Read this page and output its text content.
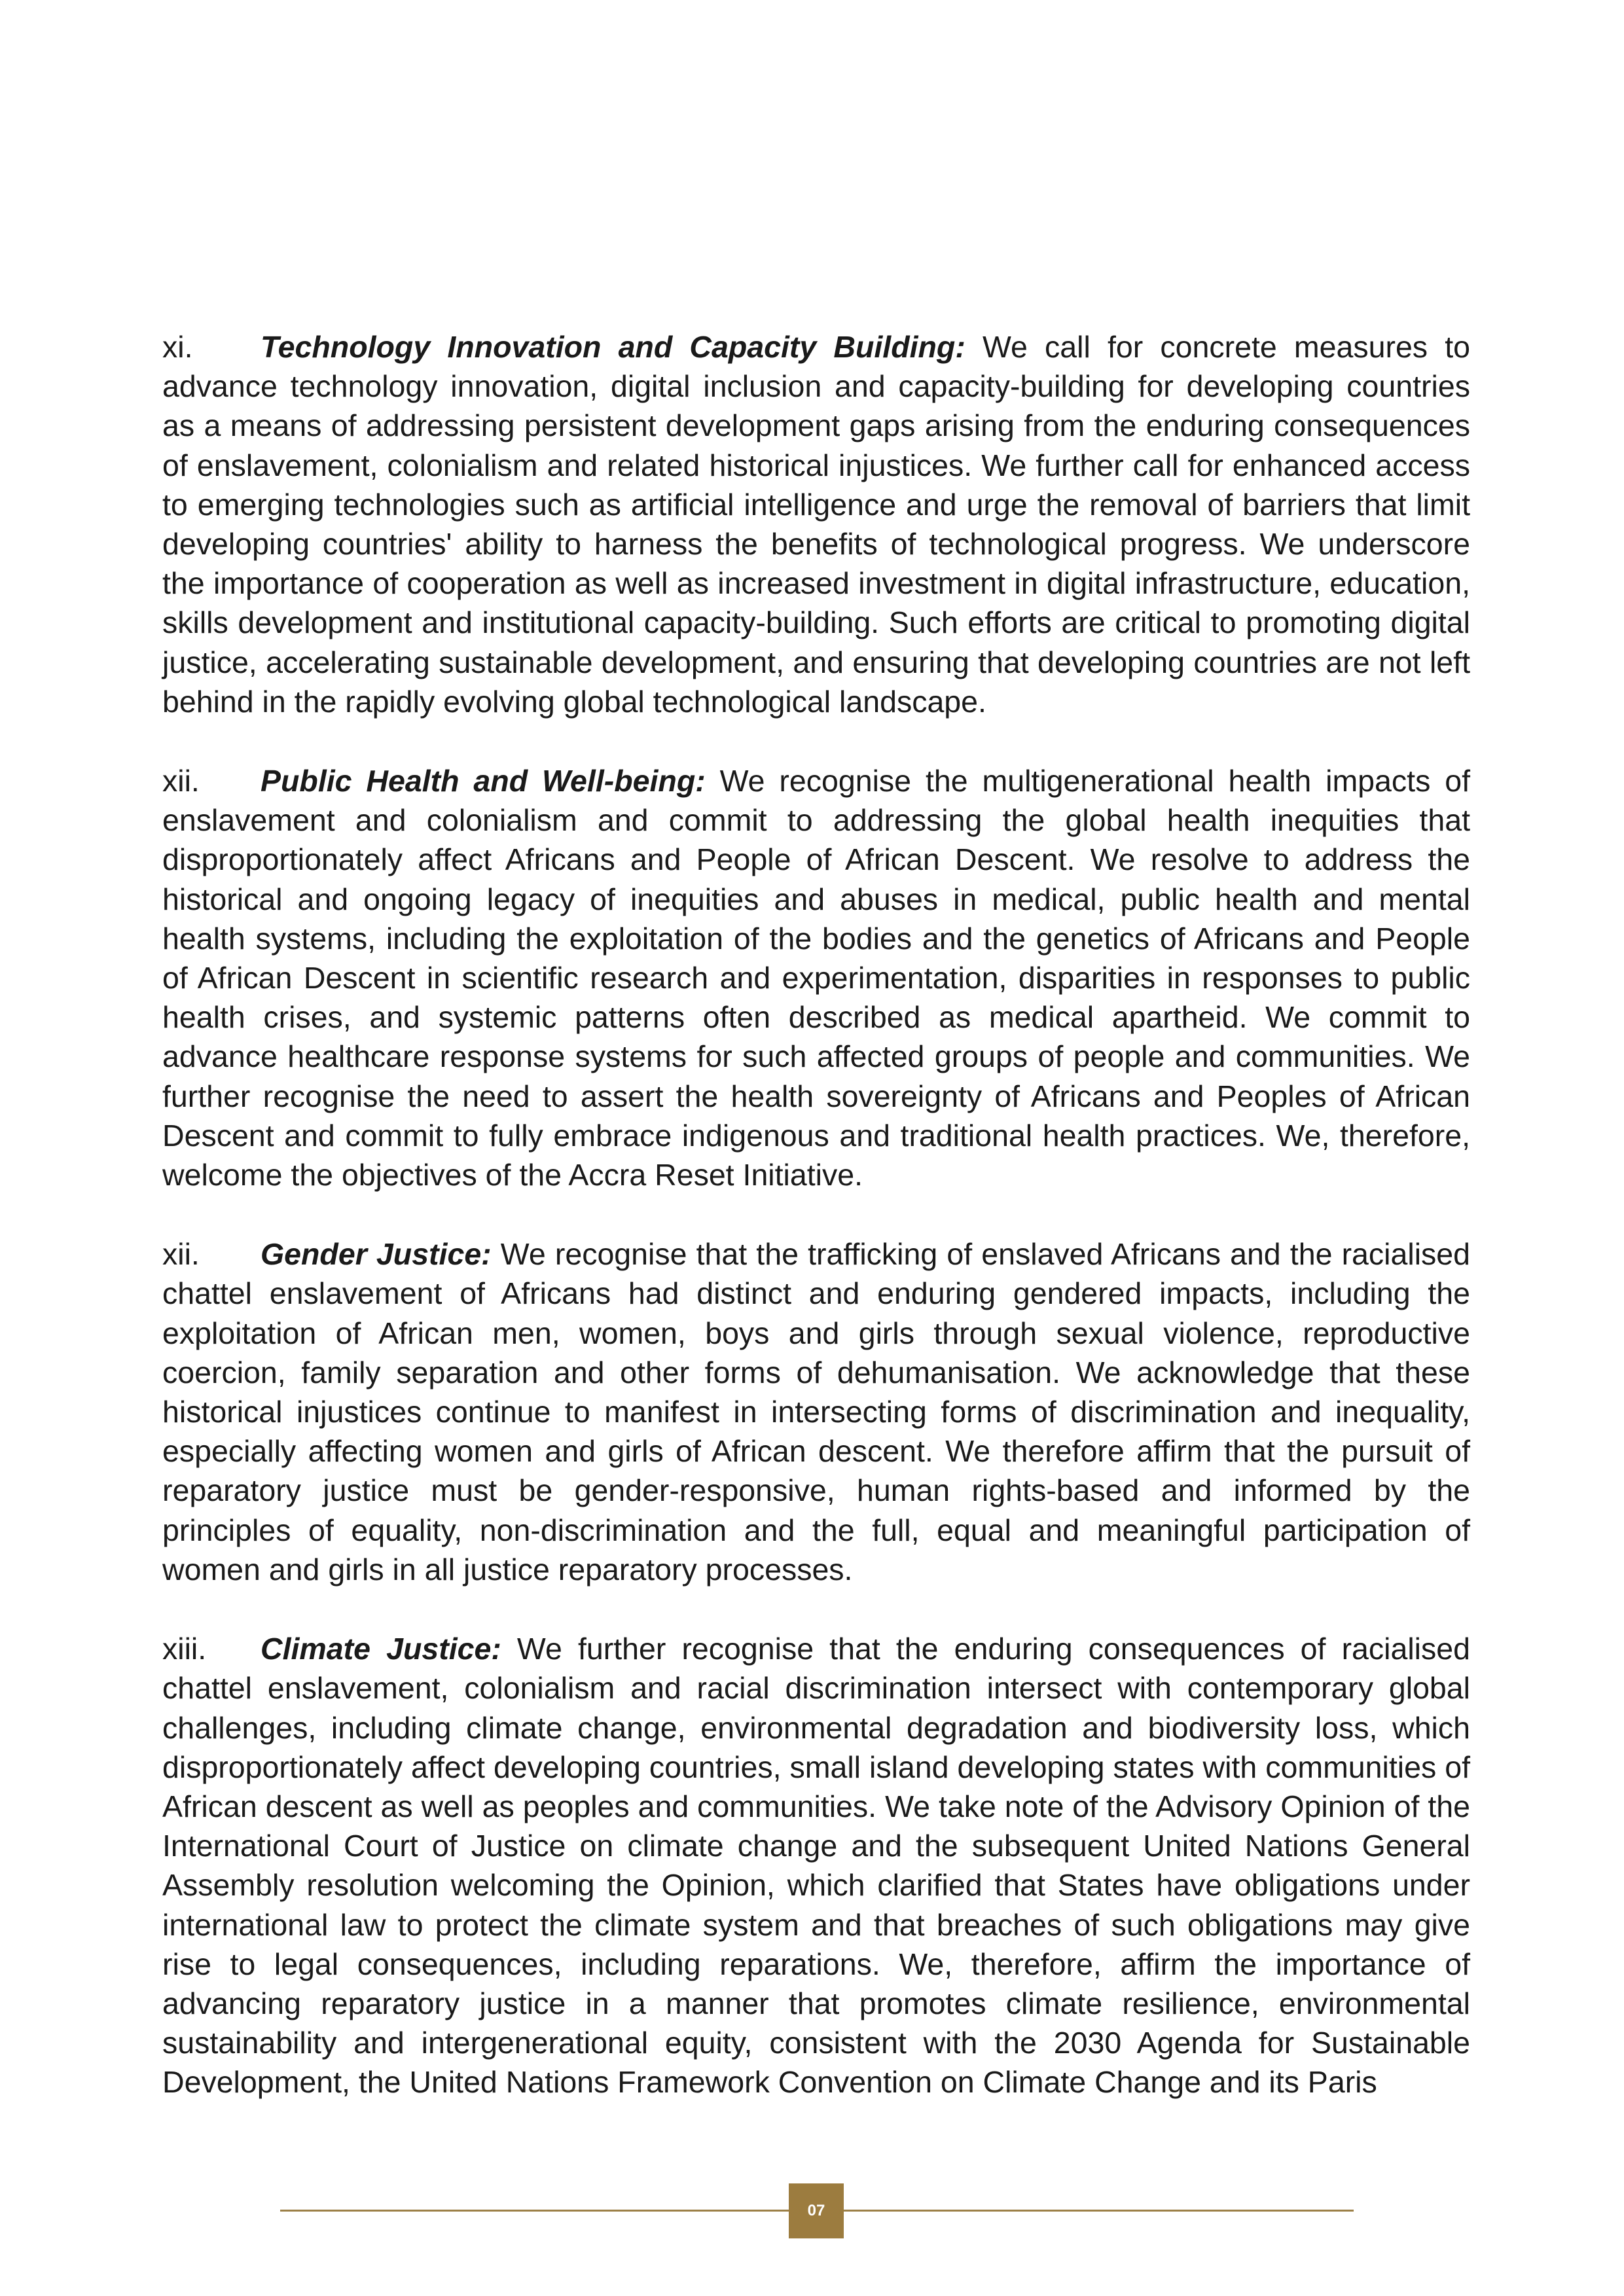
xi. Technology Innovation and Capacity Building: We call for concrete measures to advance technology innovation, digital inclusion and capacity-building for developing countries as a means of addressing persistent development gaps arising from the enduring consequences of enslavement, colonialism and related historical injustices. We further call for enhanced access to emerging technologies such as artificial intelligence and urge the removal of barriers that limit developing countries' ability to harness the benefits of technological progress. We underscore the importance of cooperation as well as increased investment in digital infrastructure, education, skills development and institutional capacity-building. Such efforts are critical to promoting digital justice, accelerating sustainable development, and ensuring that developing countries are not left behind in the rapidly evolving global technological landscape.

xii. Public Health and Well-being: We recognise the multigenerational health impacts of enslavement and colonialism and commit to addressing the global health inequities that disproportionately affect Africans and People of African Descent. We resolve to address the historical and ongoing legacy of inequities and abuses in medical, public health and mental health systems, including the exploitation of the bodies and the genetics of Africans and People of African Descent in scientific research and experimentation, disparities in responses to public health crises, and systemic patterns often described as medical apartheid. We commit to advance healthcare response systems for such affected groups of people and communities. We further recognise the need to assert the health sovereignty of Africans and Peoples of African Descent and commit to fully embrace indigenous and traditional health practices. We, therefore, welcome the objectives of the Accra Reset Initiative.

xii. Gender Justice: We recognise that the trafficking of enslaved Africans and the racialised chattel enslavement of Africans had distinct and enduring gendered impacts, including the exploitation of African men, women, boys and girls through sexual violence, reproductive coercion, family separation and other forms of dehumanisation. We acknowledge that these historical injustices continue to manifest in intersecting forms of discrimination and inequality, especially affecting women and girls of African descent. We therefore affirm that the pursuit of reparatory justice must be gender-responsive, human rights-based and informed by the principles of equality, non-discrimination and the full, equal and meaningful participation of women and girls in all justice reparatory processes.

xiii. Climate Justice: We further recognise that the enduring consequences of racialised chattel enslavement, colonialism and racial discrimination intersect with contemporary global challenges, including climate change, environmental degradation and biodiversity loss, which disproportionately affect developing countries, small island developing states with communities of African descent as well as peoples and communities. We take note of the Advisory Opinion of the International Court of Justice on climate change and the subsequent United Nations General Assembly resolution welcoming the Opinion, which clarified that States have obligations under international law to protect the climate system and that breaches of such obligations may give rise to legal consequences, including reparations. We, therefore, affirm the importance of advancing reparatory justice in a manner that promotes climate resilience, environmental sustainability and intergenerational equity, consistent with the 2030 Agenda for Sustainable Development, the United Nations Framework Convention on Climate Change and its Paris

07
